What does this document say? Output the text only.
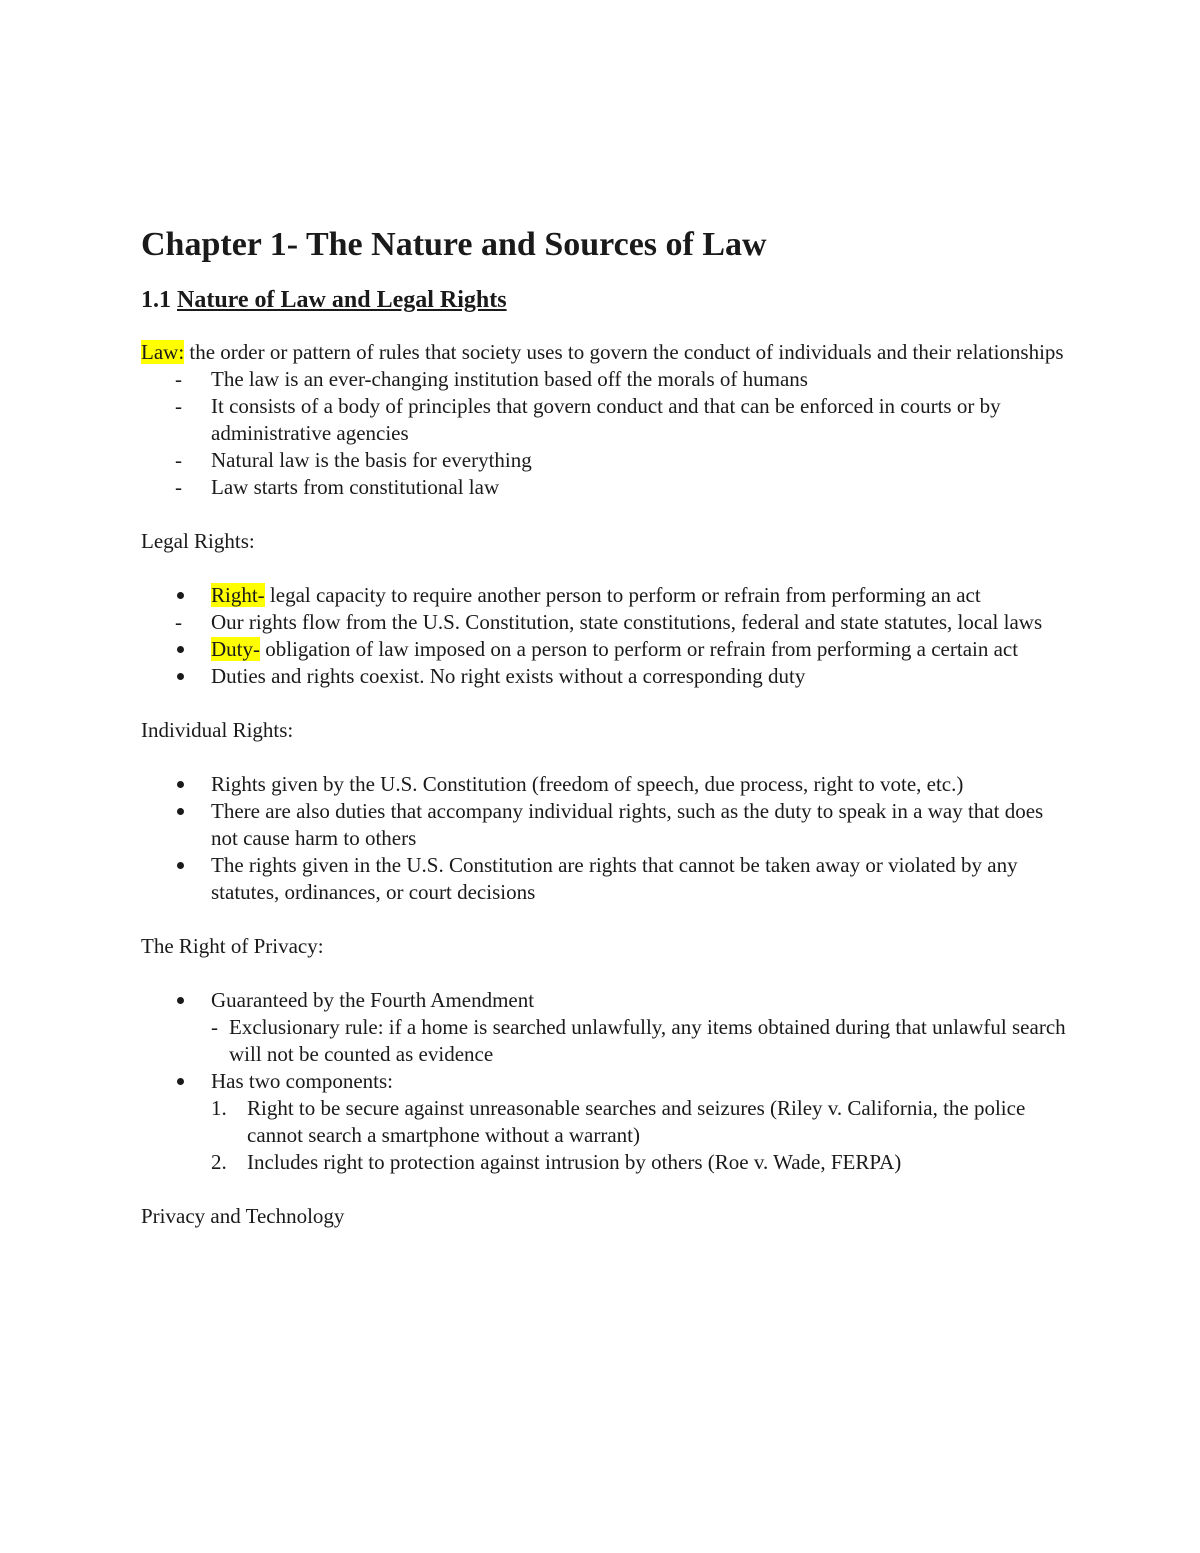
Chapter 1- The Nature and Sources of Law
1.1 Nature of Law and Legal Rights

Law: the order or pattern of rules that society uses to govern the conduct of individuals and their relationships

- The law is an ever-changing institution based off the morals of humans
- It consists of a body of principles that govern conduct and that can be enforced in courts or by administrative agencies
- Natural law is the basis for everything
- Law starts from constitutional law
Legal Rights:
Right- legal capacity to require another person to perform or refrain from performing an act
- Our rights flow from the U.S. Constitution, state constitutions, federal and state statutes, local laws
Duty- obligation of law imposed on a person to perform or refrain from performing a certain act
Duties and rights coexist. No right exists without a corresponding duty
Individual Rights:
Rights given by the U.S. Constitution (freedom of speech, due process, right to vote, etc.)
There are also duties that accompany individual rights, such as the duty to speak in a way that does not cause harm to others
The rights given in the U.S. Constitution are rights that cannot be taken away or violated by any statutes, ordinances, or court decisions
The Right of Privacy:
Guaranteed by the Fourth Amendment
- Exclusionary rule: if a home is searched unlawfully, any items obtained during that unlawful search will not be counted as evidence
Has two components:
1. Right to be secure against unreasonable searches and seizures (Riley v. California, the police cannot search a smartphone without a warrant)
2. Includes right to protection against intrusion by others (Roe v. Wade, FERPA)
Privacy and Technology
